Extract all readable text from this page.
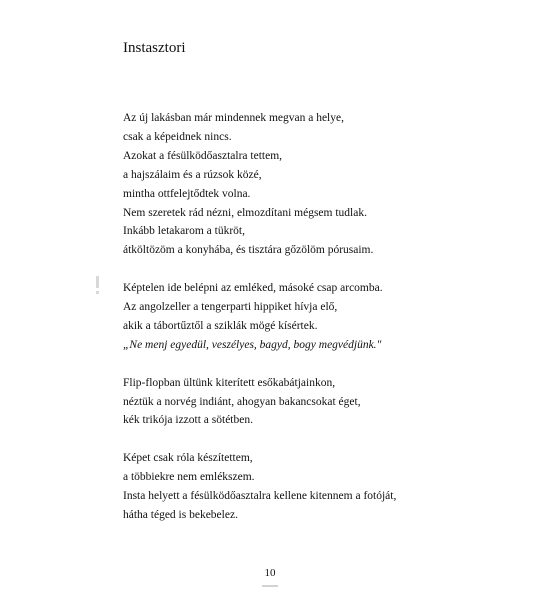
Instasztori
Az új lakásban már mindennek megvan a helye,
csak a képeidnek nincs.
Azokat a fésülködőasztalra tettem,
a hajszálaim és a rúzsok közé,
mintha ottfelejtődtek volna.
Nem szeretek rád nézni, elmozdítani mégsem tudlak.
Inkább letakarom a tükröt,
átköltözöm a konyhába, és tisztára gőzölöm pórusaim.
Képtelen ide belépni az emléked, másoké csap arcomba.
Az angolzeller a tengerparti hippiket hívja elő,
akik a tábortűztől a sziklák mögé kísértek.
„Ne menj egyedül, veszélyes, bagyd, bogy megvédjünk."
Flip-flopban ültünk kiterített esőkabátjainkon,
néztük a norvég indiánt, ahogyan bakancsokat éget,
kék trikója izzott a sötétben.
Képet csak róla készítettem,
a többiekre nem emlékszem.
Insta helyett a fésülködőasztalra kellene kitennem a fotóját,
hátha téged is bekebelez.
10
